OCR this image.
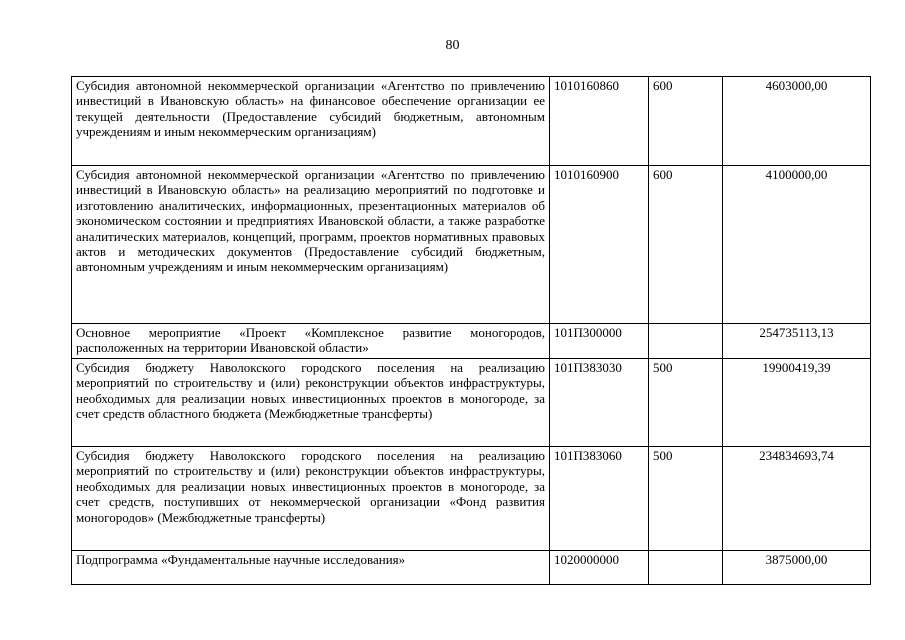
80
Субсидия автономной некоммерческой организации «Агентство по привлечению инвестиций в Ивановскую область» на финансовое обеспечение организации ее текущей деятельности (Предоставление субсидий бюджетным, автономным учреждениям и иным некоммерческим организациям)	1010160860	600	4603000,00
Субсидия автономной некоммерческой организации «Агентство по привлечению инвестиций в Ивановскую область» на реализацию мероприятий по подготовке и изготовлению аналитических, информационных, презентационных материалов об экономическом состоянии и предприятиях Ивановской области, а также разработке аналитических материалов, концепций, программ, проектов нормативных правовых актов и методических документов (Предоставление субсидий бюджетным, автономным учреждениям и иным некоммерческим организациям)	1010160900	600	4100000,00
Основное мероприятие «Проект «Комплексное развитие моногородов, расположенных на территории Ивановской области»	101П300000		254735113,13
Субсидия бюджету Наволокского городского поселения на реализацию мероприятий по строительству и (или) реконструкции объектов инфраструктуры, необходимых для реализации новых инвестиционных проектов в моногороде, за счет средств областного бюджета (Межбюджетные трансферты)	101П383030	500	19900419,39
Субсидия бюджету Наволокского городского поселения на реализацию мероприятий по строительству и (или) реконструкции объектов инфраструктуры, необходимых для реализации новых инвестиционных проектов в моногороде, за счет средств, поступивших от некоммерческой организации «Фонд развития моногородов» (Межбюджетные трансферты)	101П383060	500	234834693,74
Подпрограмма «Фундаментальные научные исследования»	1020000000		3875000,00
